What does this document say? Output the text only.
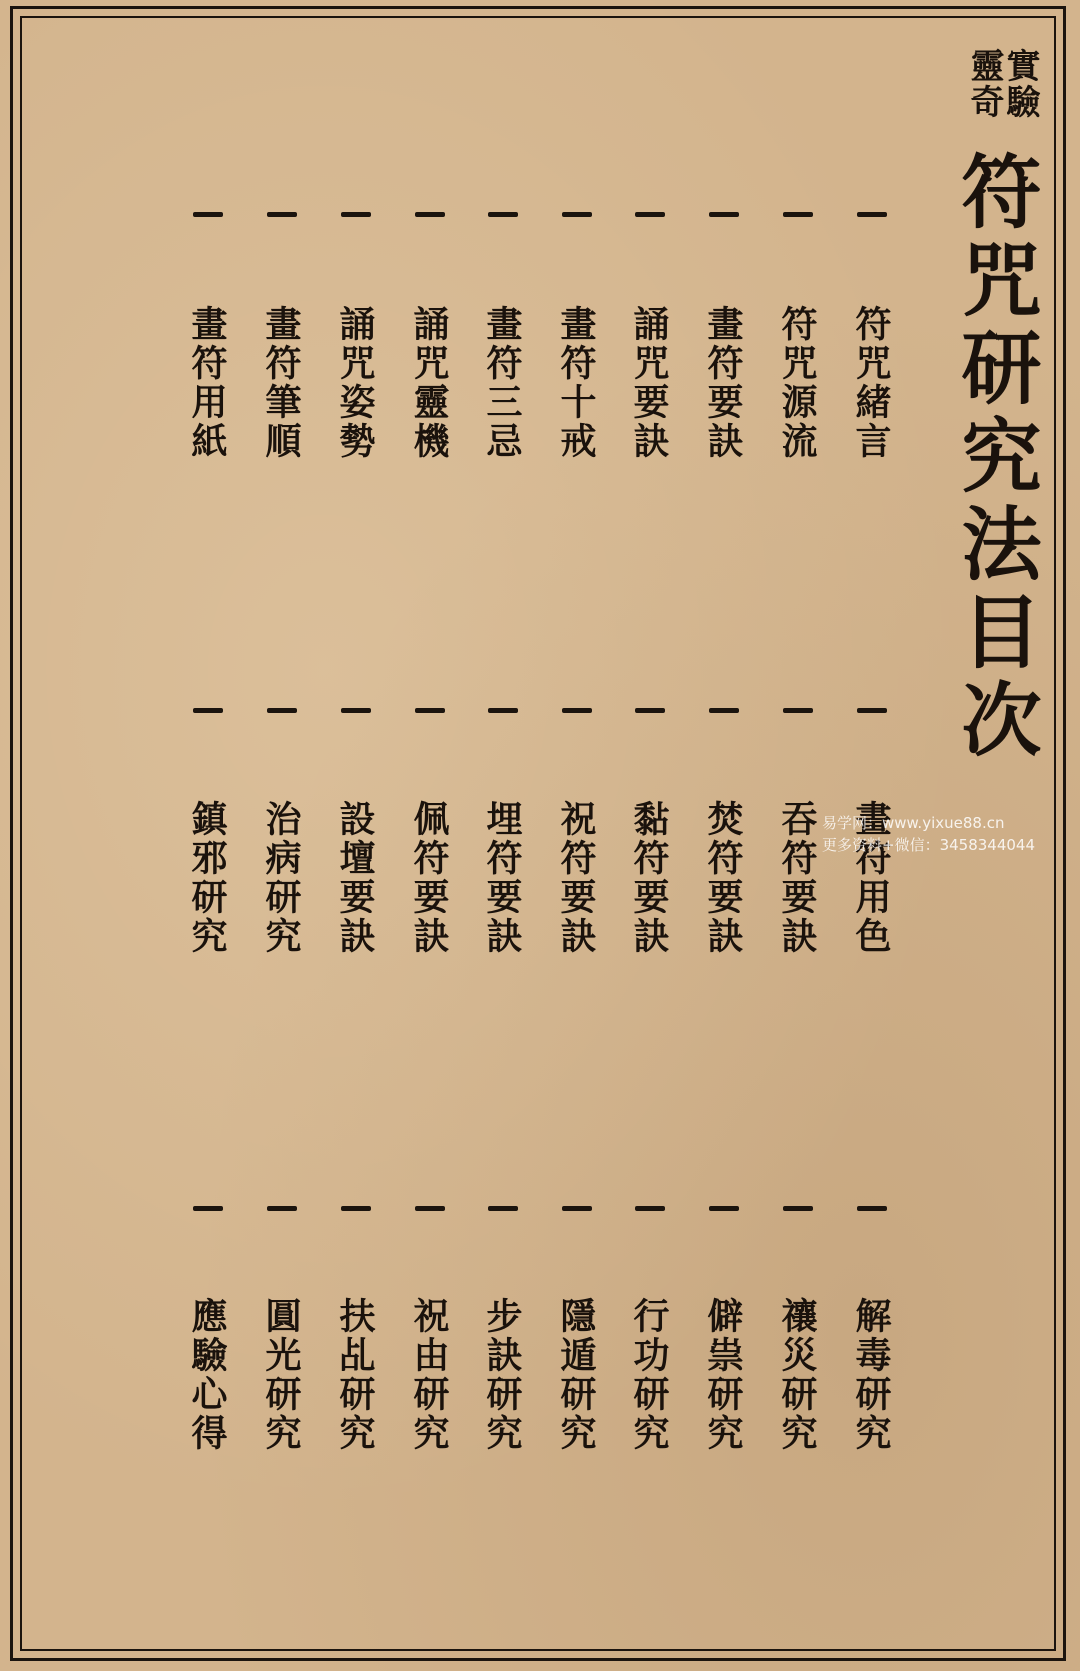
實驗
靈奇
符咒研究法目次
符咒緒言
畫符用色
解毒研究
符咒源流
吞符要訣
禳災研究
畫符要訣
焚符要訣
僻祟研究
誦咒要訣
黏符要訣
行功研究
畫符十戒
祝符要訣
隱遁研究
畫符三忌
埋符要訣
步訣研究
誦咒靈機
佩符要訣
祝由研究
誦咒姿勢
設壇要訣
扶乩研究
畫符筆順
治病研究
圓光研究
畫符用紙
鎮邪研究
應驗心得
易学网：www.yixue88.cn
更多资料+微信：3458344044
